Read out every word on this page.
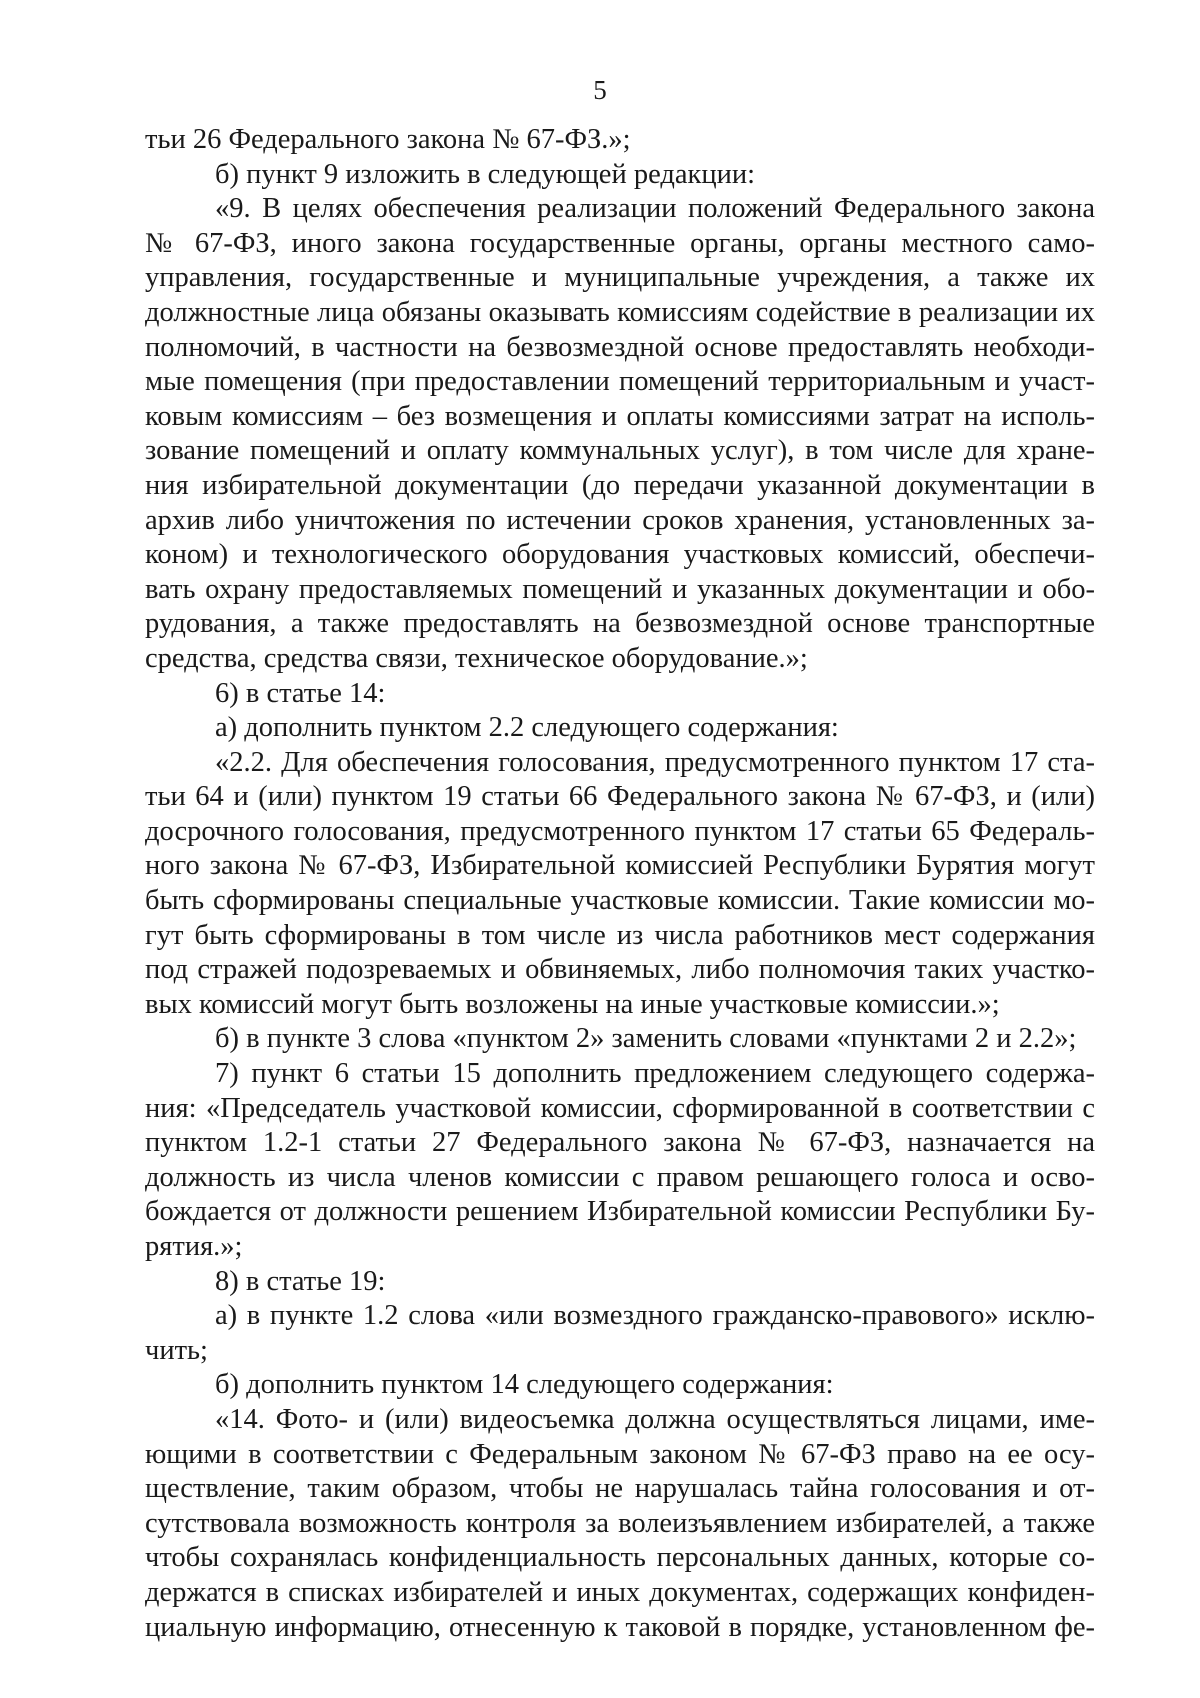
5
тьи 26 Федерального закона № 67-ФЗ.»;
б) пункт 9 изложить в следующей редакции:
«9. В целях обеспечения реализации положений Федерального закона
№ 67-ФЗ, иного закона государственные органы, органы местного само-
управления, государственные и муниципальные учреждения, а также их
должностные лица обязаны оказывать комиссиям содействие в реализации их
полномочий, в частности на безвозмездной основе предоставлять необходи-
мые помещения (при предоставлении помещений территориальным и участ-
ковым комиссиям – без возмещения и оплаты комиссиями затрат на исполь-
зование помещений и оплату коммунальных услуг), в том числе для хране-
ния избирательной документации (до передачи указанной документации в
архив либо уничтожения по истечении сроков хранения, установленных за-
коном) и технологического оборудования участковых комиссий, обеспечи-
вать охрану предоставляемых помещений и указанных документации и обо-
рудования, а также предоставлять на безвозмездной основе транспортные
средства, средства связи, техническое оборудование.»;
6) в статье 14:
а) дополнить пунктом 2.2 следующего содержания:
«2.2. Для обеспечения голосования, предусмотренного пунктом 17 ста-
тьи 64 и (или) пунктом 19 статьи 66 Федерального закона № 67-ФЗ, и (или)
досрочного голосования, предусмотренного пунктом 17 статьи 65 Федераль-
ного закона № 67-ФЗ, Избирательной комиссией Республики Бурятия могут
быть сформированы специальные участковые комиссии. Такие комиссии мо-
гут быть сформированы в том числе из числа работников мест содержания
под стражей подозреваемых и обвиняемых, либо полномочия таких участко-
вых комиссий могут быть возложены на иные участковые комиссии.»;
б) в пункте 3 слова «пунктом 2» заменить словами «пунктами 2 и 2.2»;
7) пункт 6 статьи 15 дополнить предложением следующего содержа-
ния: «Председатель участковой комиссии, сформированной в соответствии с
пунктом 1.2-1 статьи 27 Федерального закона № 67-ФЗ, назначается на
должность из числа членов комиссии с правом решающего голоса и осво-
бождается от должности решением Избирательной комиссии Республики Бу-
рятия.»;
8) в статье 19:
а) в пункте 1.2 слова «или возмездного гражданско-правового» исклю-
чить;
б) дополнить пунктом 14 следующего содержания:
«14. Фото- и (или) видеосъемка должна осуществляться лицами, име-
ющими в соответствии с Федеральным законом № 67-ФЗ право на ее осу-
ществление, таким образом, чтобы не нарушалась тайна голосования и от-
сутствовала возможность контроля за волеизъявлением избирателей, а также
чтобы сохранялась конфиденциальность персональных данных, которые со-
держатся в списках избирателей и иных документах, содержащих конфиден-
циальную информацию, отнесенную к таковой в порядке, установленном фе-
